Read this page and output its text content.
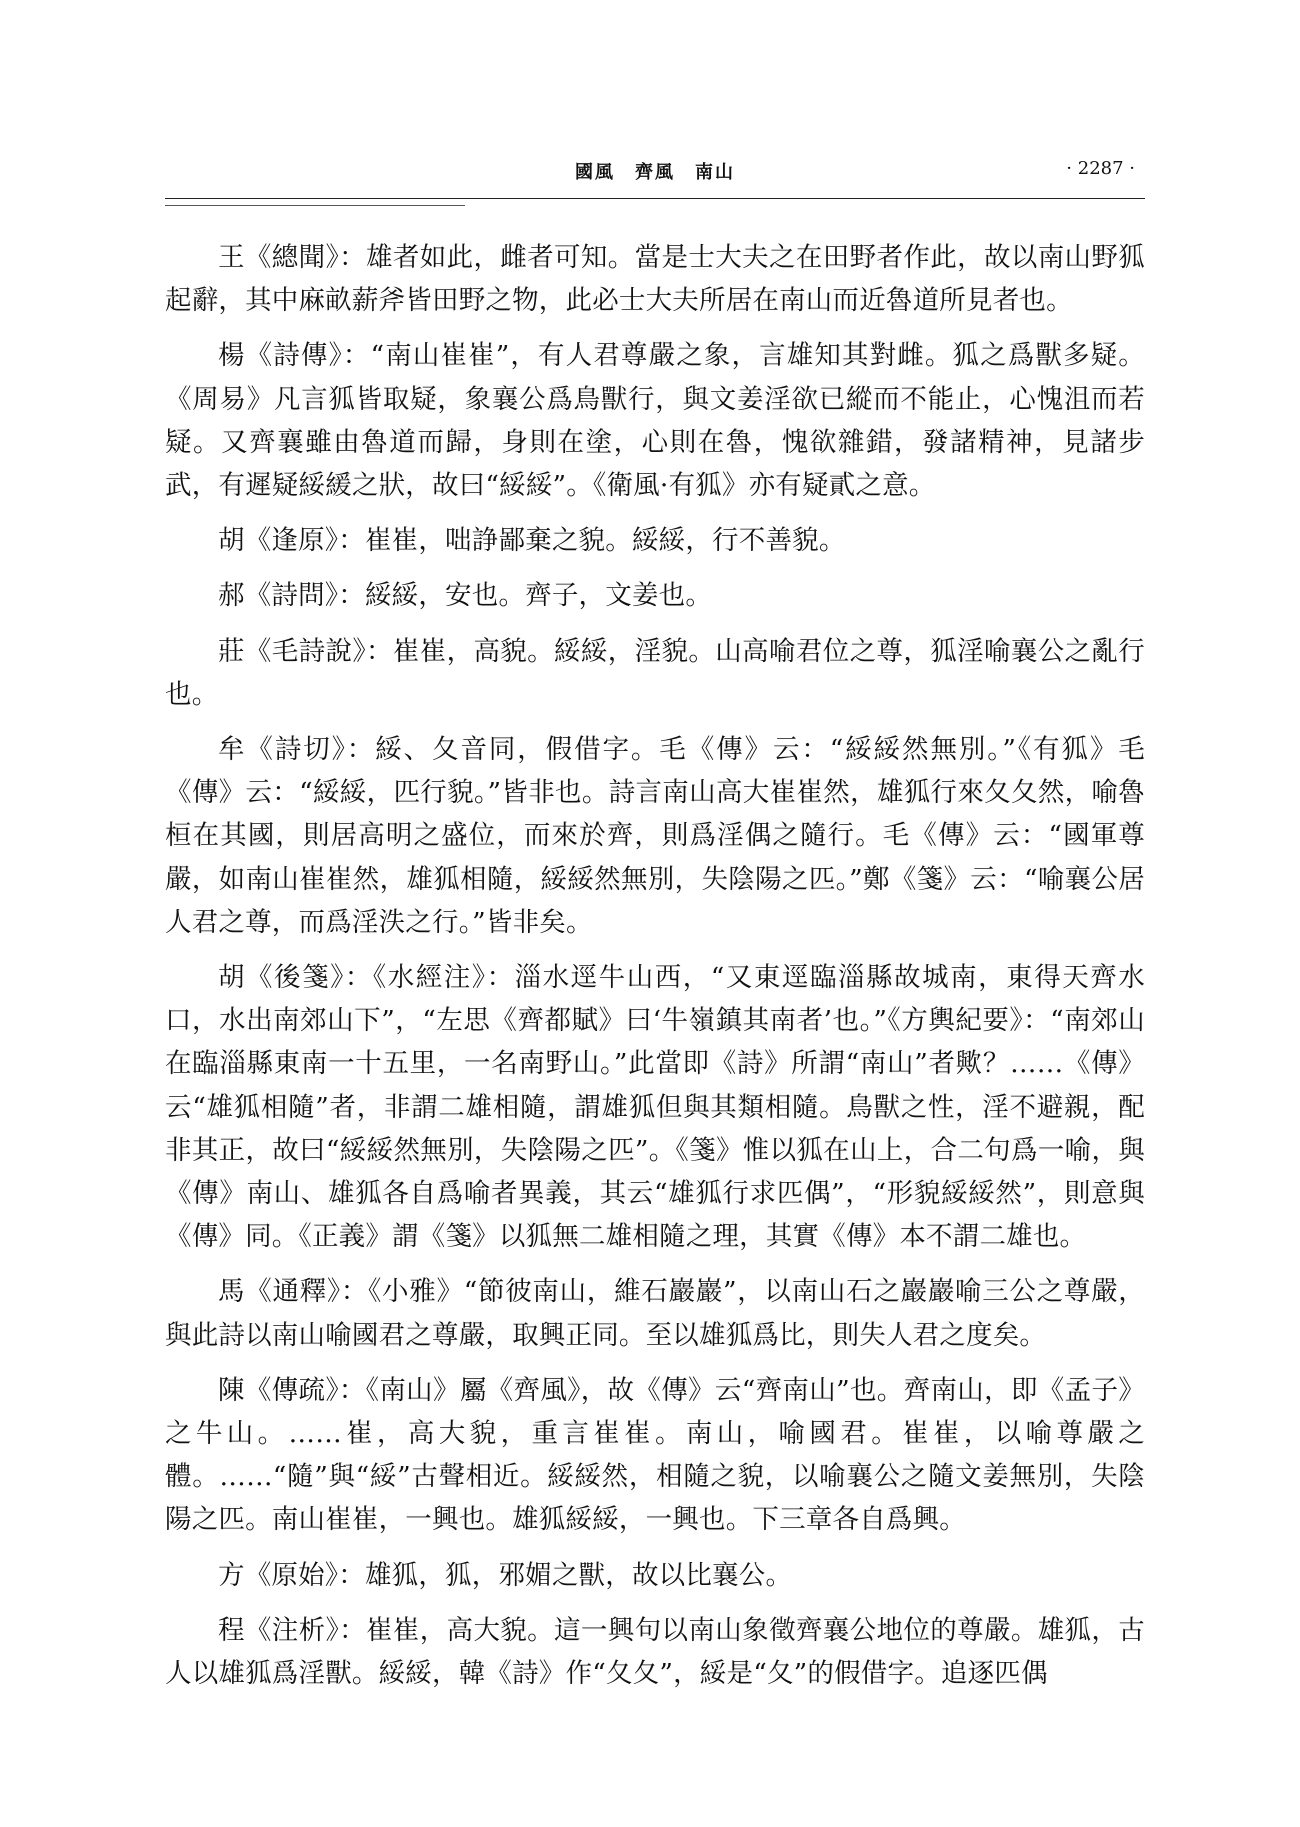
國風　齊風　南山	· 2287 ·

王《總聞》：雄者如此，雌者可知。當是士大夫之在田野者作此，故以南山野狐起辭，其中麻畝薪斧皆田野之物，此必士大夫所居在南山而近魯道所見者也。

楊《詩傳》：“南山崔崔”，有人君尊嚴之象，言雄知其對雌。狐之爲獸多疑。《周易》凡言狐皆取疑，象襄公爲鳥獸行，與文姜淫欲已縱而不能止，心愧沮而若疑。又齊襄雖由魯道而歸，身則在塗，心則在魯，愧欲雜錯，發諸精神，見諸步武，有遲疑綏緩之狀，故曰“綏綏”。《衛風·有狐》亦有疑貳之意。

胡《逢原》：崔崔，咄諍鄙棄之貌。綏綏，行不善貌。

郝《詩問》：綏綏，安也。齊子，文姜也。

莊《毛詩說》：崔崔，高貌。綏綏，淫貌。山高喻君位之尊，狐淫喻襄公之亂行也。

牟《詩切》：綏、夂音同，假借字。毛《傳》云：“綏綏然無別。”《有狐》毛《傳》云：“綏綏，匹行貌。”皆非也。詩言南山高大崔崔然，雄狐行來夂夂然，喻魯桓在其國，則居高明之盛位，而來於齊，則爲淫偶之隨行。毛《傳》云：“國軍尊嚴，如南山崔崔然，雄狐相隨，綏綏然無別，失陰陽之匹。”鄭《箋》云：“喻襄公居人君之尊，而爲淫泆之行。”皆非矣。

胡《後箋》：《水經注》：淄水逕牛山西，“又東逕臨淄縣故城南，東得天齊水口，水出南郊山下”，“左思《齊都賦》曰‘牛嶺鎮其南者’也。”《方輿紀要》：“南郊山在臨淄縣東南一十五里，一名南野山。”此當即《詩》所謂“南山”者歟？……《傳》云“雄狐相隨”者，非謂二雄相隨，謂雄狐但與其類相隨。鳥獸之性，淫不避親，配非其正，故曰“綏綏然無別，失陰陽之匹”。《箋》惟以狐在山上，合二句爲一喻，與《傳》南山、雄狐各自爲喻者異義，其云“雄狐行求匹偶”，“形貌綏綏然”，則意與《傳》同。《正義》謂《箋》以狐無二雄相隨之理，其實《傳》本不謂二雄也。

馬《通釋》：《小雅》“節彼南山，維石巖巖”，以南山石之巖巖喻三公之尊嚴，與此詩以南山喻國君之尊嚴，取興正同。至以雄狐爲比，則失人君之度矣。

陳《傳疏》：《南山》屬《齊風》，故《傳》云“齊南山”也。齊南山，即《孟子》之牛山。……崔，高大貌，重言崔崔。南山，喻國君。崔崔，以喻尊嚴之體。……“隨”與“綏”古聲相近。綏綏然，相隨之貌，以喻襄公之隨文姜無別，失陰陽之匹。南山崔崔，一興也。雄狐綏綏，一興也。下三章各自爲興。

方《原始》：雄狐，狐，邪媚之獸，故以比襄公。

程《注析》：崔崔，高大貌。這一興句以南山象徵齊襄公地位的尊嚴。雄狐，古人以雄狐爲淫獸。綏綏，韓《詩》作“夂夂”，綏是“夂”的假借字。追逐匹偶
